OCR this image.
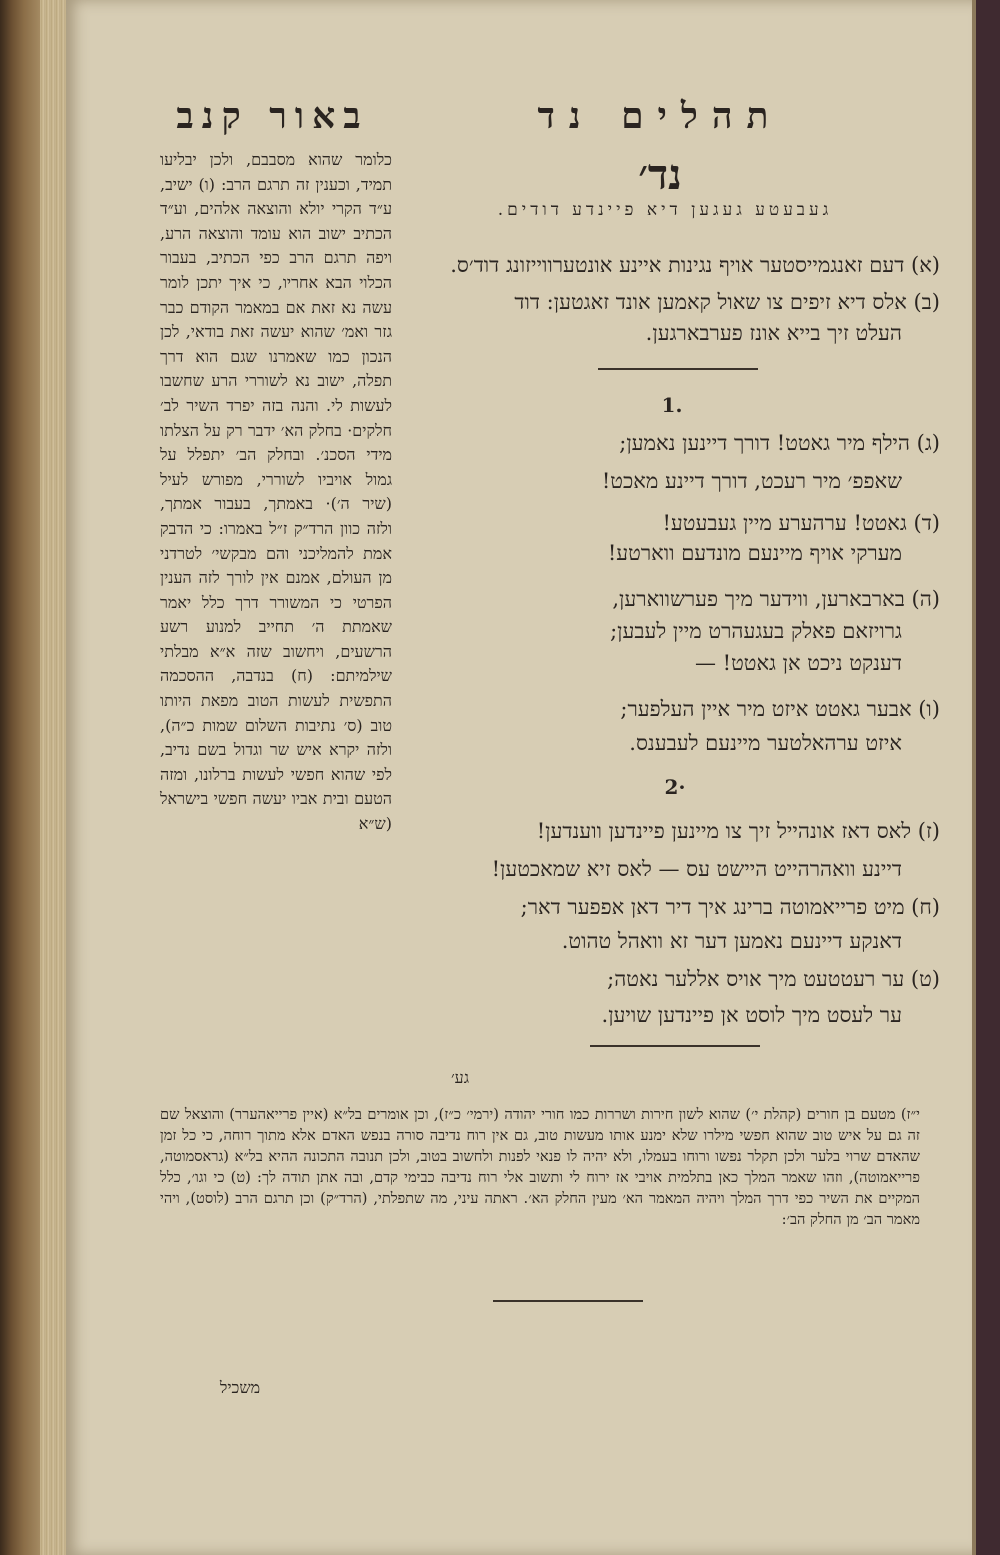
תהלים נד
באור קנב
נד׳
געבעטע געגען דיא פיינדע דודים.
(א) דעם זאנגמייסטער אויף נגינות איינע אונטערווייזונג דוד׳ס.
(ב) אלס דיא זיפים צו שאול קאמען אונד זאגטען: דוד
העלט זיך בייא אונז פערבארגען.
1.
(ג) הילף מיר גאטט! דורך דיינען נאמען;
שאפפ׳ מיר רעכט, דורך דיינע מאכט!
(ד) גאטט! ערהערע מיין געבעטע!
מערקי אויף מיינעם מונדעם ווארטע!
(ה) בארבארען, ווידער מיך פערשווארען,
גרויזאם פאלק בעגעהרט מיין לעבען;
דענקט ניכט אן גאטט! —
(ו) אבער גאטט איזט מיר איין העלפער;
איזט ערהאלטער מיינעם לעבענס.
2·
(ז) לאס דאז אונהייל זיך צו מיינען פיינדען ווענדען!
דיינע וואהרהייט היישט עס — לאס זיא שמאכטען!
(ח) מיט פרייאמוטה ברינג איך דיר דאן אפפער דאר;
דאנקע דיינעם נאמען דער זא וואהל טהוט.
(ט) ער רעטטעט מיך אויס אללער נאטה;
ער לעסט מיך לוסט אן פיינדען שויען.
גע׳

כלומר שהוא מסבבם, ולכן יבליעו תמיד, וכענין זה תרגם הרב: (ו) ישיב, ע״ד הקרי יולא והוצאה אלהים, וע״ד הכתיב ישוב הוא עומד והוצאה הרע, ויפה תרגם הרב כפי הכתיב, בעבור הכלוי הבא אחריו, כי איך יתכן לומר עשה נא זאת אם במאמר הקודם כבר גזר ואמ׳ שהוא יעשה זאת בודאי, לכן הנכון כמו שאמרנו שגם הוא דרך תפלה, ישוב נא לשוררי הרע שחשבו לעשות לי. והנה בזה יפרד השיר לב׳ חלקים· בחלק הא׳ ידבר רק על הצלתו מידי הסכנ׳. ובחלק הב׳ יתפלל על גמול אויביו לשוררי, מפורש לעיל (שיר ה׳)· באמתך, בעבור אמתך, ולזה כוון הרד״ק ז״ל באמרו: כי הדבק אמת להמליכני והם מבקשי׳ לטרדני מן העולם, אמנם אין לורך לזה הענין הפרטי כי המשורר דרך כלל יאמר שאמתת ה׳ תחייב למנוע רשע הרשעים, ויחשוב שזה א״א מבלתי שילמיתם: (ח) בנדבה, ההסכמה התפשית לעשות הטוב מפאת היותו טוב (ס׳ נתיבות השלום שמות כ״ה), ולזה יקרא איש שר וגדול בשם נדיב, לפי שהוא חפשי לעשות ברלונו, ומזה הטעם ובית אביו יעשה חפשי בישראל (ש״א

י״ז) מטעם בן חורים (קהלת י׳) שהוא לשון חירות ושררות כמו חורי יהודה (ירמי׳ כ״ז), וכן אומרים בל״א (איין פרייאהערר) והוצאל שם זה גם על איש טוב שהוא חפשי מילרו שלא ימנע אותו מעשות טוב, גם אין רוח נדיבה סורה בנפש האדם אלא מתוך רוחה, כי כל זמן שהאדם שרוי בלער ולכן תקלר נפשו ורוחו בעמלו, ולא יהיה לו פנאי לפנות ולחשוב בטוב, ולכן תנובה התכונה ההיא בל״א (גראסמוטה, פרייאמוטה), וזהו שאמר המלך כאן בתלמית אויבי אז ירוח לי ותשוב אלי רוח נדיבה כבימי קדם, ובה אתן תודה לך: (ט) כי וגו׳, כלל המקיים את השיר כפי דרך המלך ויהיה המאמר הא׳ מעין החלק הא׳. ראתה עיני, מה שתפלתי, (הרד״ק) וכן תרגם הרב (לוסט), ויהי מאמר הב׳ מן החלק הב׳:

משכיל
